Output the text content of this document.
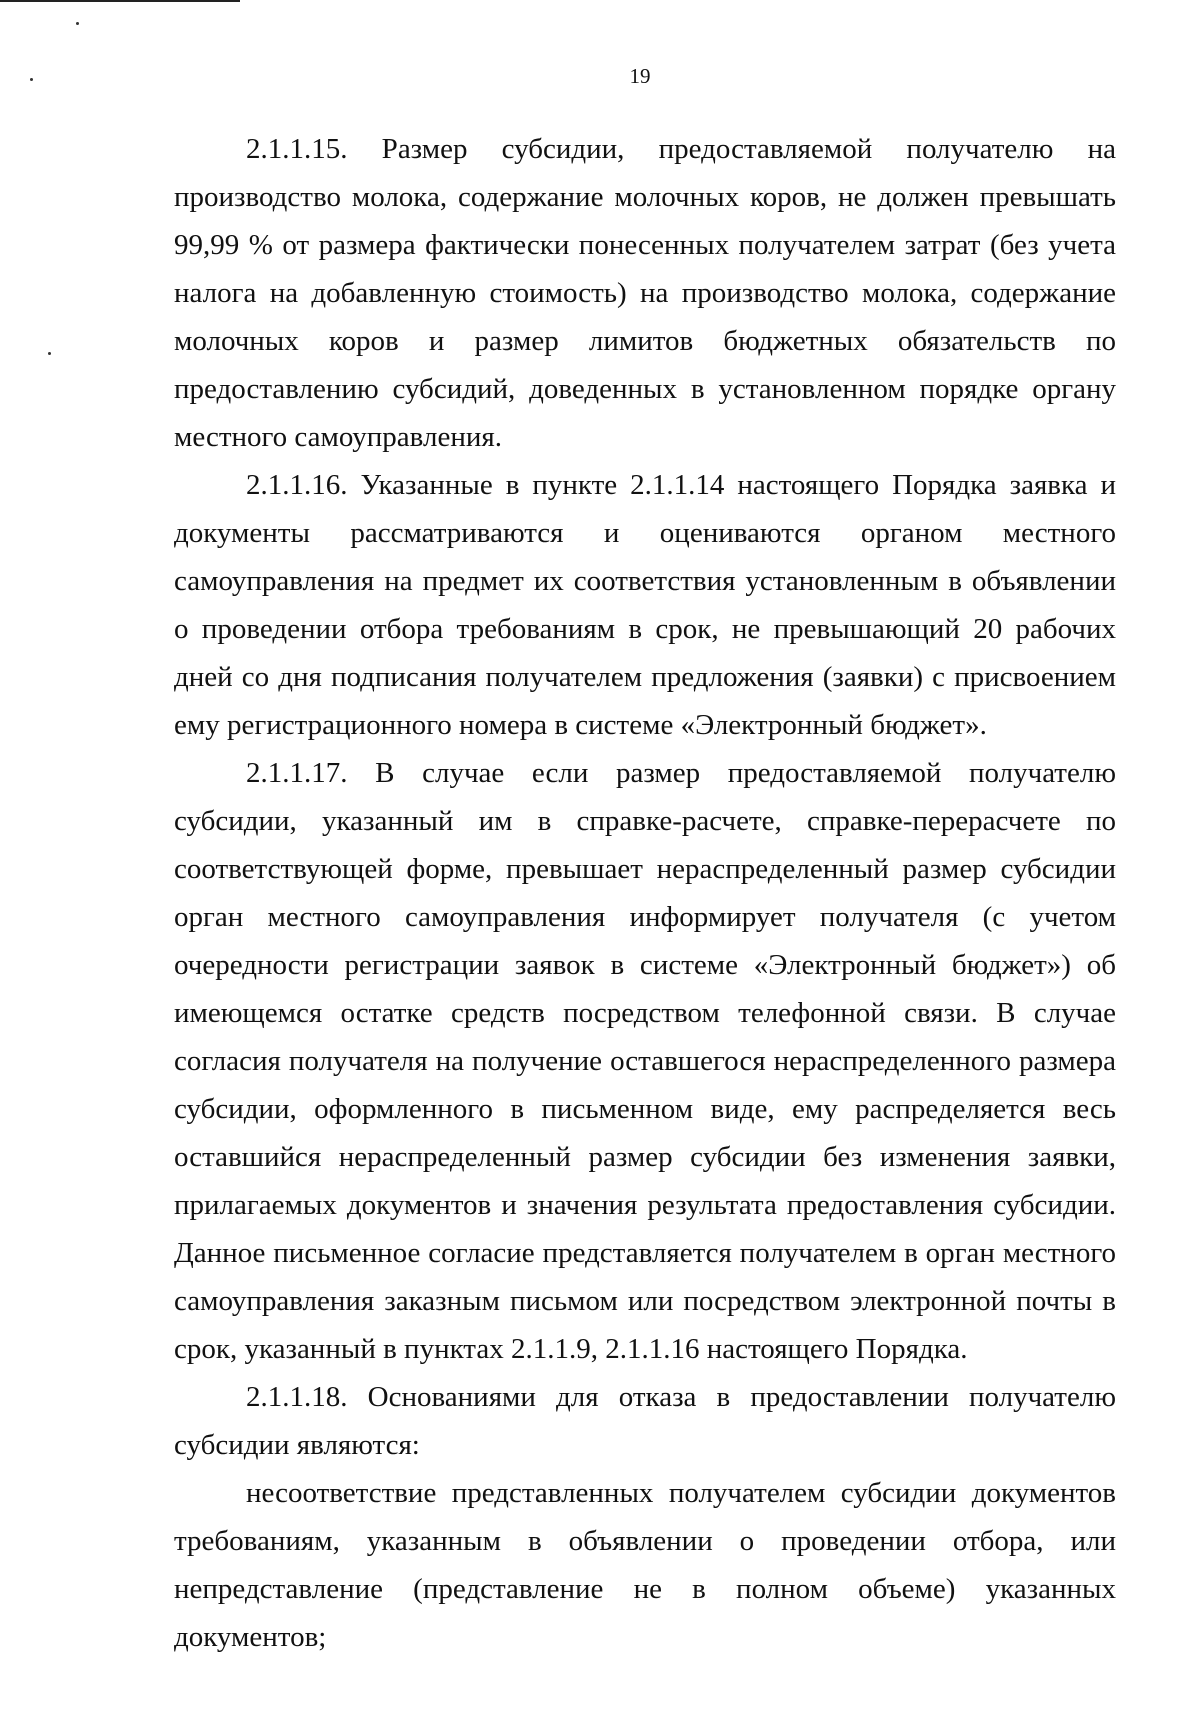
19

2.1.1.15. Размер субсидии, предоставляемой получателю на производство молока, содержание молочных коров, не должен превышать 99,99 % от размера фактически понесенных получателем затрат (без учета налога на добавленную стоимость) на производство молока, содержание молочных коров и размер лимитов бюджетных обязательств по предоставлению субсидий, доведенных в установленном порядке органу местного самоуправления.

2.1.1.16. Указанные в пункте 2.1.1.14 настоящего Порядка заявка и документы рассматриваются и оцениваются органом местного самоуправления на предмет их соответствия установленным в объявлении о проведении отбора требованиям в срок, не превышающий 20 рабочих дней со дня подписания получателем предложения (заявки) с присвоением ему регистрационного номера в системе «Электронный бюджет».

2.1.1.17. В случае если размер предоставляемой получателю субсидии, указанный им в справке-расчете, справке-перерасчете по соответствующей форме, превышает нераспределенный размер субсидии орган местного самоуправления информирует получателя (с учетом очередности регистрации заявок в системе «Электронный бюджет») об имеющемся остатке средств посредством телефонной связи. В случае согласия получателя на получение оставшегося нераспределенного размера субсидии, оформленного в письменном виде, ему распределяется весь оставшийся нераспределенный размер субсидии без изменения заявки, прилагаемых документов и значения результата предоставления субсидии. Данное письменное согласие представляется получателем в орган местного самоуправления заказным письмом или посредством электронной почты в срок, указанный в пунктах 2.1.1.9, 2.1.1.16 настоящего Порядка.

2.1.1.18. Основаниями для отказа в предоставлении получателю субсидии являются:

несоответствие представленных получателем субсидии документов требованиям, указанным в объявлении о проведении отбора, или непредставление (представление не в полном объеме) указанных документов;
